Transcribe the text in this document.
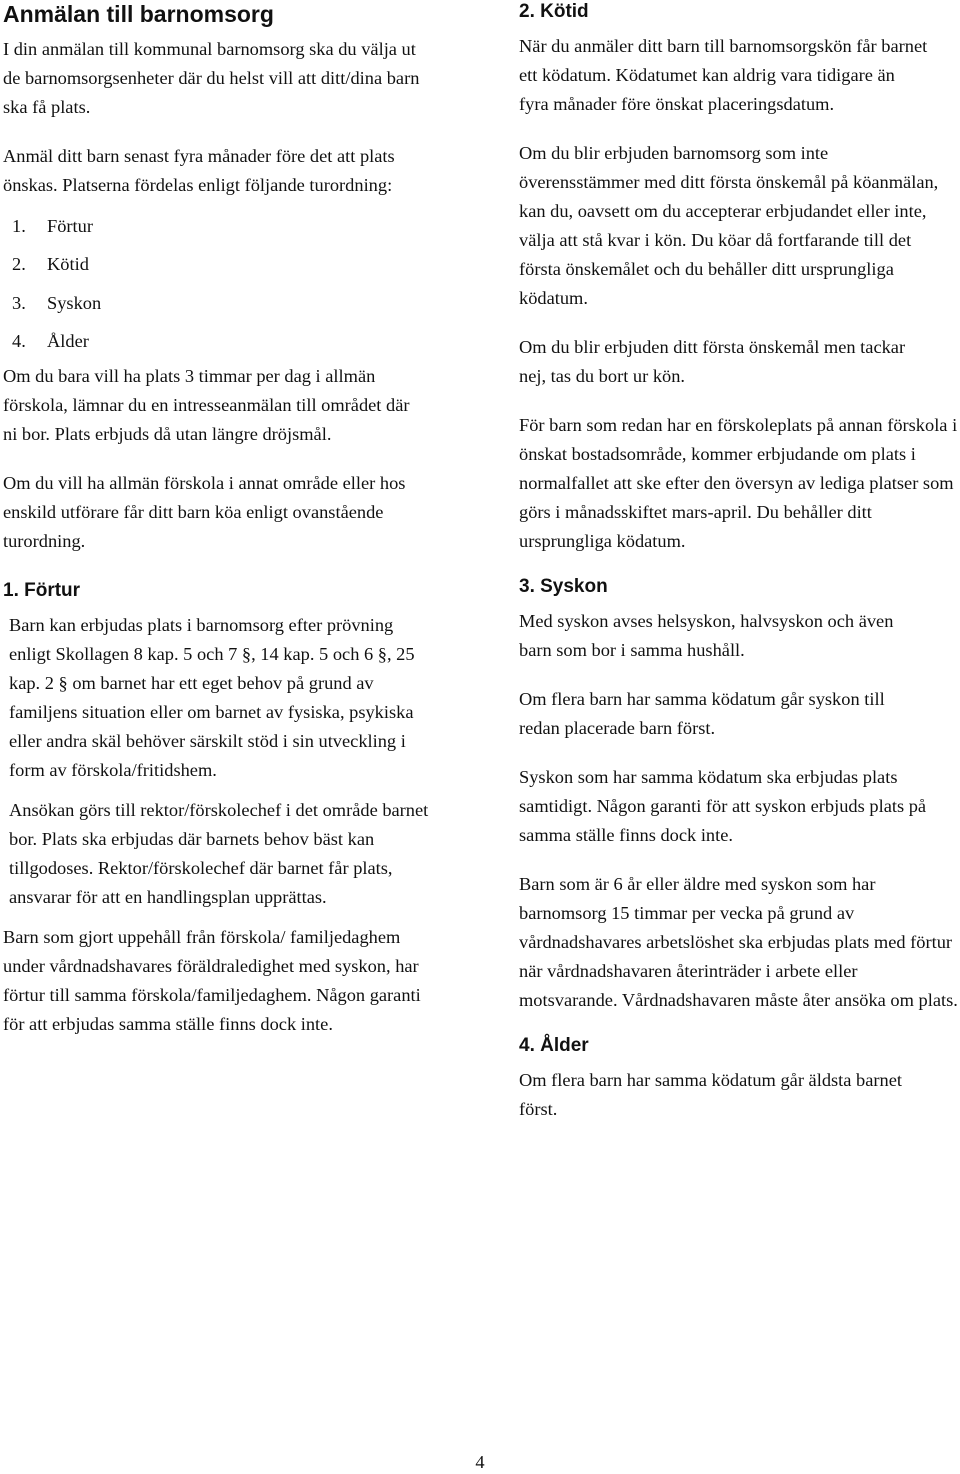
Anmälan till barnomsorg

I din anmälan till kommunal barnomsorg ska du välja ut de barnomsorgsenheter där du helst vill att ditt/dina barn ska få plats.

Anmäl ditt barn senast fyra månader före det att plats önskas. Platserna fördelas enligt följande turordning:

1. Förtur
2. Kötid
3. Syskon
4. Ålder

Om du bara vill ha plats 3 timmar per dag i allmän förskola, lämnar du en intresseanmälan till området där ni bor. Plats erbjuds då utan längre dröjsmål.

Om du vill ha allmän förskola i annat område eller hos enskild utförare får ditt barn köa enligt ovanstående turordning.

1. Förtur

Barn kan erbjudas plats i barnomsorg efter prövning enligt Skollagen 8 kap. 5 och 7 §, 14 kap. 5 och 6 §, 25 kap. 2 § om barnet har ett eget behov på grund av familjens situation eller om barnet av fysiska, psykiska eller andra skäl behöver särskilt stöd i sin utveckling i form av förskola/fritidshem.

Ansökan görs till rektor/förskolechef i det område barnet bor. Plats ska erbjudas där barnets behov bäst kan tillgodoses. Rektor/förskolechef där barnet får plats, ansvarar för att en handlingsplan upprättas.

Barn som gjort uppehåll från förskola/ familjedaghem under vårdnadshavares föräldraledighet med syskon, har förtur till samma förskola/familjedaghem. Någon garanti för att erbjudas samma ställe finns dock inte.

2. Kötid

När du anmäler ditt barn till barnomsorgskön får barnet ett ködatum. Ködatumet kan aldrig vara tidigare än fyra månader före önskat placeringsdatum.

Om du blir erbjuden barnomsorg som inte överensstämmer med ditt första önskemål på köanmälan, kan du, oavsett om du accepterar erbjudandet eller inte, välja att stå kvar i kön. Du köar då fortfarande till det första önskemålet och du behåller ditt ursprungliga ködatum.

Om du blir erbjuden ditt första önskemål men tackar nej, tas du bort ur kön.

För barn som redan har en förskoleplats på annan förskola i önskat bostadsområde, kommer erbjudande om plats i normalfallet att ske efter den översyn av lediga platser som görs i månadsskiftet mars-april. Du behåller ditt ursprungliga ködatum.

3. Syskon

Med syskon avses helsyskon, halvsyskon och även barn som bor i samma hushåll.

Om flera barn har samma ködatum går syskon till redan placerade barn först.

Syskon som har samma ködatum ska erbjudas plats samtidigt. Någon garanti för att syskon erbjuds plats på samma ställe finns dock inte.

Barn som är 6 år eller äldre med syskon som har barnomsorg 15 timmar per vecka på grund av vårdnadshavares arbetslöshet ska erbjudas plats med förtur när vårdnadshavaren återinträder i arbete eller motsvarande. Vårdnadshavaren måste åter ansöka om plats.

4. Ålder

Om flera barn har samma ködatum går äldsta barnet först.

4
